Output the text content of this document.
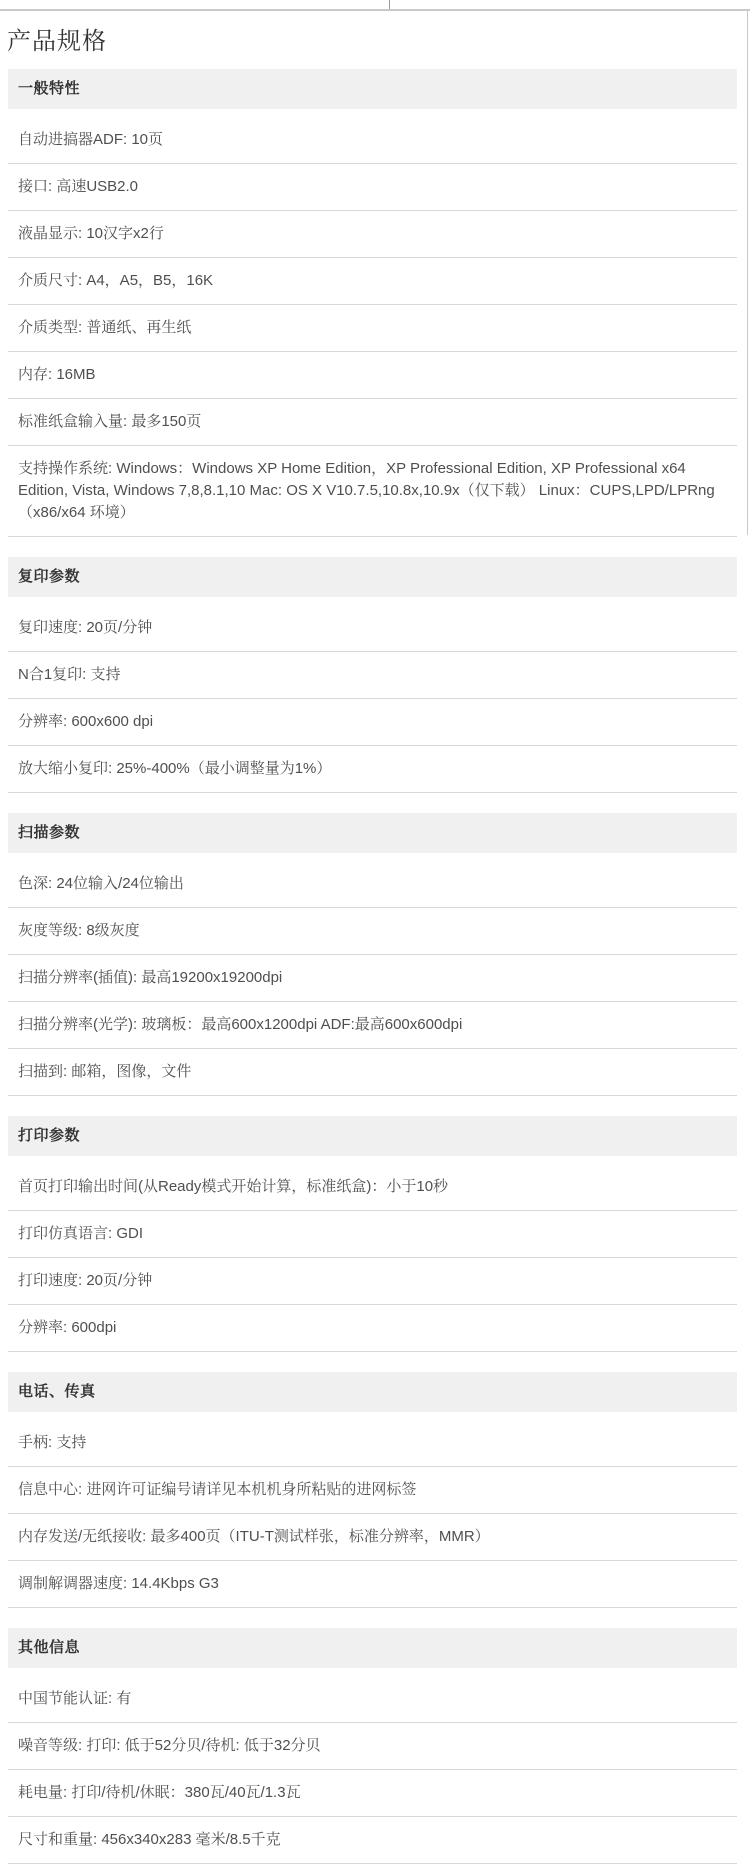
产品规格
一般特性
自动进搞器ADF: 10页
接口: 高速USB2.0
液晶显示: 10汉字x2行
介质尺寸: A4，A5，B5，16K
介质类型: 普通纸、再生纸
内存: 16MB
标准纸盒输入量: 最多150页
支持操作系统: Windows：Windows XP Home Edition，XP Professional Edition, XP Professional x64 Edition, Vista, Windows 7,8,8.1,10 Mac: OS X V10.7.5,10.8x,10.9x（仅下载） Linux：CUPS,LPD/LPRng（x86/x64 环境）
复印参数
复印速度: 20页/分钟
N合1复印: 支持
分辨率: 600x600 dpi
放大缩小复印: 25%-400%（最小调整量为1%）
扫描参数
色深: 24位输入/24位输出
灰度等级: 8级灰度
扫描分辨率(插值): 最高19200x19200dpi
扫描分辨率(光学): 玻璃板：最高600x1200dpi ADF:最高600x600dpi
扫描到: 邮箱，图像，文件
打印参数
首页打印输出时间(从Ready模式开始计算，标准纸盒)：小于10秒
打印仿真语言: GDI
打印速度: 20页/分钟
分辨率: 600dpi
电话、传真
手柄: 支持
信息中心: 进网许可证编号请详见本机机身所粘贴的进网标签
内存发送/无纸接收: 最多400页（ITU-T测试样张，标准分辨率，MMR）
调制解调器速度: 14.4Kbps G3
其他信息
中国节能认证: 有
噪音等级: 打印: 低于52分贝/待机: 低于32分贝
耗电量: 打印/待机/休眠：380瓦/40瓦/1.3瓦
尺寸和重量: 456x340x283 毫米/8.5千克
